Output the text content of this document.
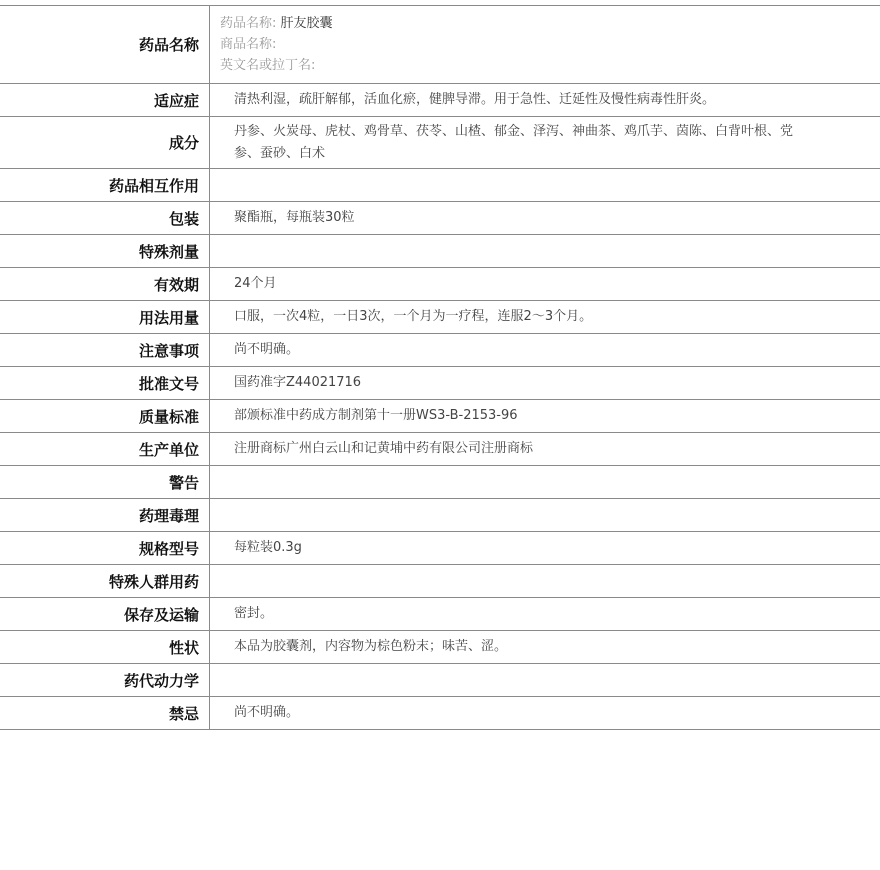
药品名称	药品名称: 肝友胶囊
商品名称:
英文名或拉丁名:

适应症	清热利湿，疏肝解郁，活血化瘀，健脾导滞。用于急性、迁延性及慢性病毒性肝炎。
成分	丹参、火炭母、虎杖、鸡骨草、茯苓、山楂、郁金、泽泻、神曲茶、鸡爪芋、茵陈、白背叶根、党参、蚕砂、白术

药品相互作用	
包装	聚酯瓶，每瓶装30粒
特殊剂量	
有效期	24个月
用法用量	口服，一次4粒，一日3次，一个月为一疗程，连服2～3个月。
注意事项	尚不明确。
批准文号	国药准字Z44021716
质量标准	部颁标准中药成方制剂第十一册WS3-B-2153-96
生产单位	注册商标广州白云山和记黄埔中药有限公司注册商标
警告	
药理毒理	
规格型号	每粒装0.3g
特殊人群用药	
保存及运输	密封。
性状	本品为胶囊剂，内容物为棕色粉末；味苦、涩。
药代动力学	
禁忌	尚不明确。
